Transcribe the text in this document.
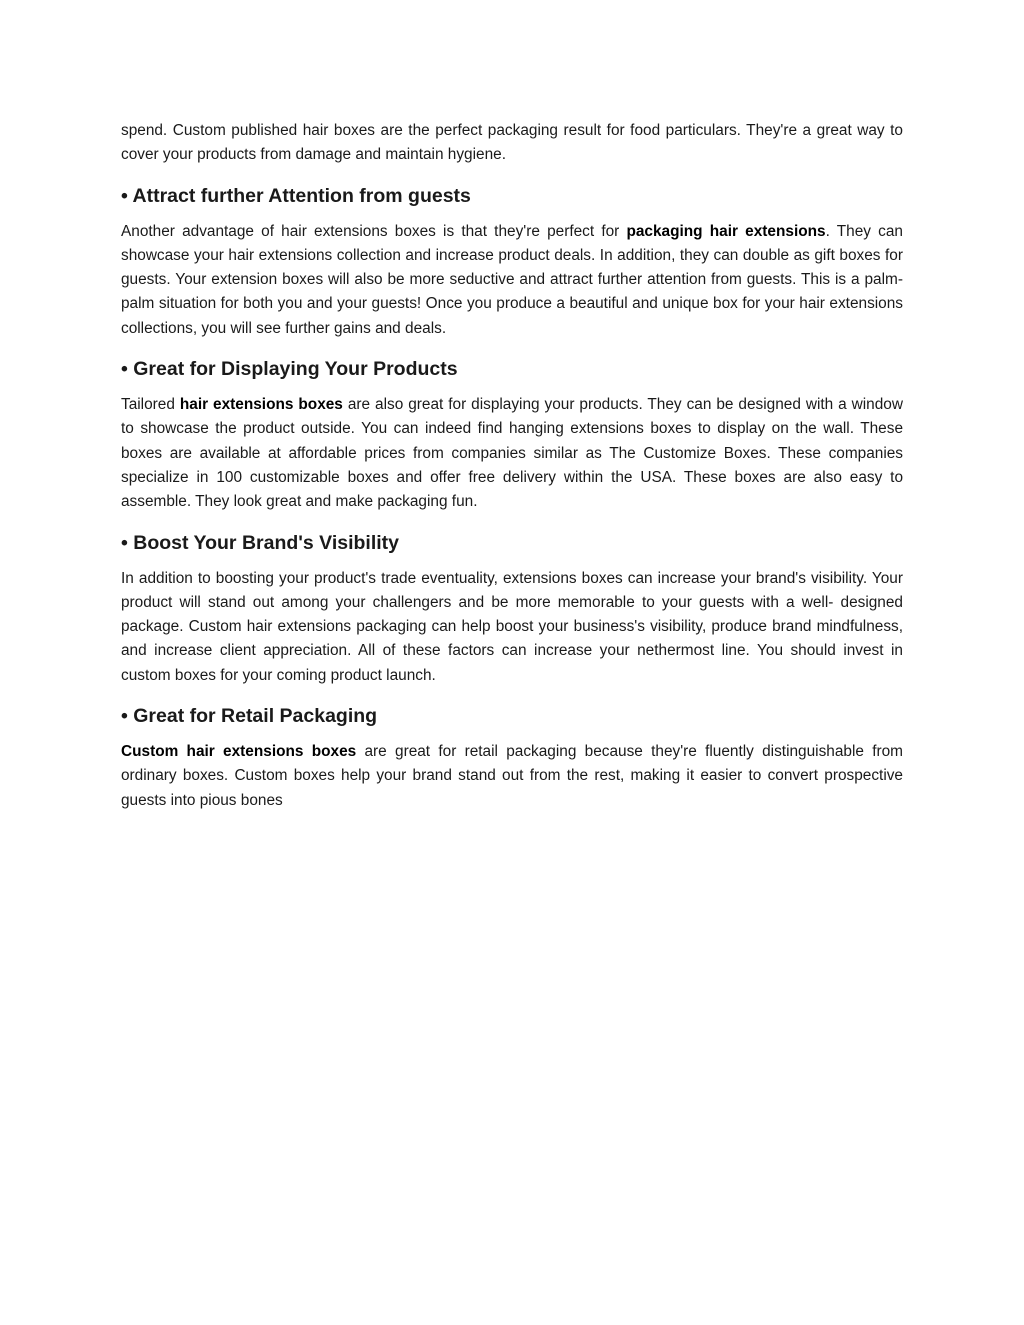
spend. Custom published hair boxes are the perfect packaging result for food particulars. They're a great way to cover your products from damage and maintain hygiene.

• Attract further Attention from guests

Another advantage of hair extensions boxes is that they're perfect for packaging hair extensions. They can showcase your hair extensions collection and increase product deals. In addition, they can double as gift boxes for guests. Your extension boxes will also be more seductive and attract further attention from guests. This is a palm- palm situation for both you and your guests! Once you produce a beautiful and unique box for your hair extensions collections, you will see further gains and deals.

• Great for Displaying Your Products

Tailored hair extensions boxes are also great for displaying your products. They can be designed with a window to showcase the product outside. You can indeed find hanging extensions boxes to display on the wall. These boxes are available at affordable prices from companies similar as The Customize Boxes. These companies specialize in 100 customizable boxes and offer free delivery within the USA. These boxes are also easy to assemble. They look great and make packaging fun.

• Boost Your Brand's Visibility

In addition to boosting your product's trade eventuality, extensions boxes can increase your brand's visibility. Your product will stand out among your challengers and be more memorable to your guests with a well- designed package. Custom hair extensions packaging can help boost your business's visibility, produce brand mindfulness, and increase client appreciation. All of these factors can increase your nethermost line. You should invest in custom boxes for your coming product launch.

• Great for Retail Packaging

Custom hair extensions boxes are great for retail packaging because they're fluently distinguishable from ordinary boxes. Custom boxes help your brand stand out from the rest, making it easier to convert prospective guests into pious bones
